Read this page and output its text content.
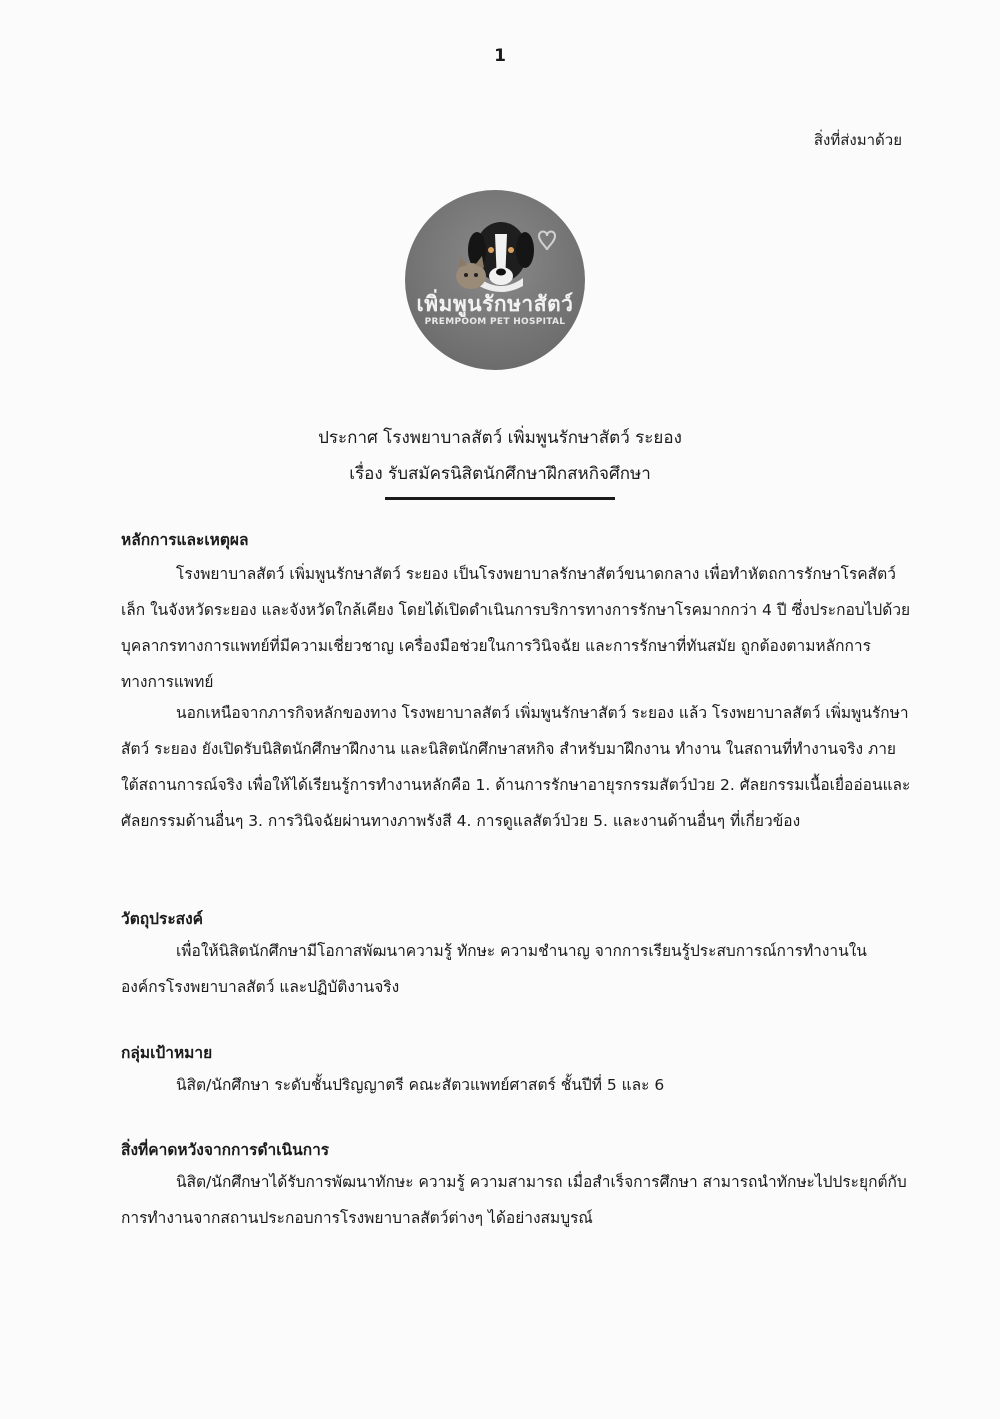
1
สิ่งที่ส่งมาด้วย
เพิ่มพูนรักษาสัตว์
PREMPOOM PET HOSPITAL
ประกาศ โรงพยาบาลสัตว์ เพิ่มพูนรักษาสัตว์ ระยอง
เรื่อง รับสมัครนิสิตนักศึกษาฝึกสหกิจศึกษา
หลักการและเหตุผล

โรงพยาบาลสัตว์ เพิ่มพูนรักษาสัตว์ ระยอง เป็นโรงพยาบาลรักษาสัตว์ขนาดกลาง เพื่อทำหัตถการรักษาโรคสัตว์เล็ก ในจังหวัดระยอง และจังหวัดใกล้เคียง โดยได้เปิดดำเนินการบริการทางการรักษาโรคมากกว่า 4 ปี ซึ่งประกอบไปด้วยบุคลากรทางการแพทย์ที่มีความเชี่ยวชาญ เครื่องมือช่วยในการวินิจฉัย และการรักษาที่ทันสมัย ถูกต้องตามหลักการทางการแพทย์

นอกเหนือจากภารกิจหลักของทาง โรงพยาบาลสัตว์ เพิ่มพูนรักษาสัตว์ ระยอง แล้ว โรงพยาบาลสัตว์ เพิ่มพูนรักษาสัตว์ ระยอง ยังเปิดรับนิสิตนักศึกษาฝึกงาน และนิสิตนักศึกษาสหกิจ สำหรับมาฝึกงาน ทำงาน ในสถานที่ทำงานจริง ภายใต้สถานการณ์จริง เพื่อให้ได้เรียนรู้การทำงานหลักคือ 1. ด้านการรักษาอายุรกรรมสัตว์ป่วย 2. ศัลยกรรมเนื้อเยื่ออ่อนและศัลยกรรมด้านอื่นๆ 3. การวินิจฉัยผ่านทางภาพรังสี 4. การดูแลสัตว์ป่วย 5. และงานด้านอื่นๆ ที่เกี่ยวข้อง

วัตถุประสงค์

เพื่อให้นิสิตนักศึกษามีโอกาสพัฒนาความรู้ ทักษะ ความชำนาญ จากการเรียนรู้ประสบการณ์การทำงานในองค์กรโรงพยาบาลสัตว์ และปฏิบัติงานจริง

กลุ่มเป้าหมาย

นิสิต/นักศึกษา ระดับชั้นปริญญาตรี คณะสัตวแพทย์ศาสตร์ ชั้นปีที่ 5 และ 6

สิ่งที่คาดหวังจากการดำเนินการ

นิสิต/นักศึกษาได้รับการพัฒนาทักษะ ความรู้ ความสามารถ เมื่อสำเร็จการศึกษา สามารถนำทักษะไปประยุกต์กับการทำงานจากสถานประกอบการโรงพยาบาลสัตว์ต่างๆ ได้อย่างสมบูรณ์
